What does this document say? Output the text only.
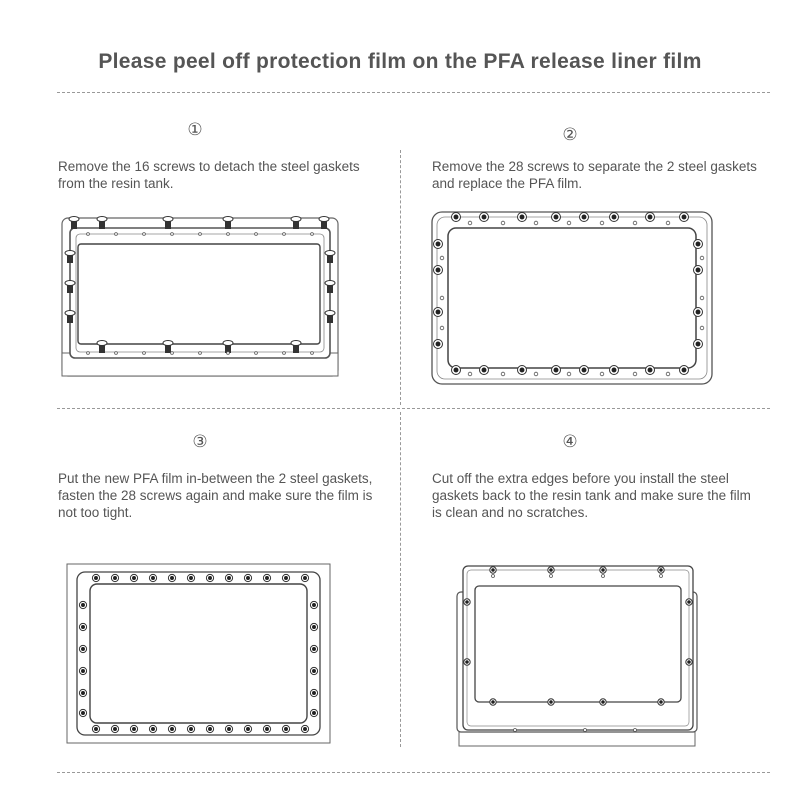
Please peel off protection film on the PFA release liner film
①
Remove the 16 screws to detach the steel gaskets from the resin tank.
②
Remove the 28 screws to separate the 2 steel gaskets and replace the PFA film.
③
Put the new PFA film in-between the 2 steel gaskets, fasten the 28 screws again and make sure the film is not too tight.
④
Cut off the extra edges before you install the steel gaskets back to the resin tank and make sure the film is clean and no scratches.
